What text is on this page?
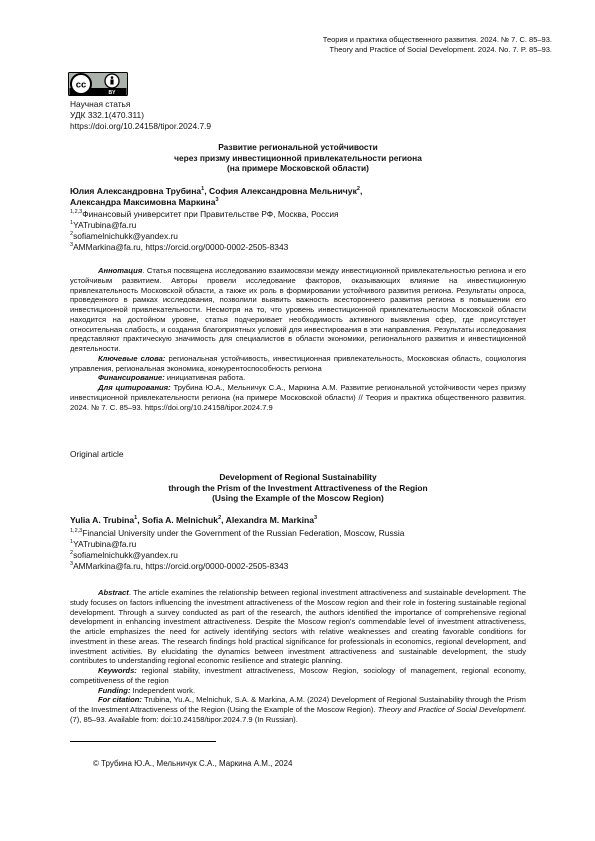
Теория и практика общественного развития. 2024. № 7. С. 85–93.
Theory and Practice of Social Development. 2024. No. 7. P. 85–93.
cc
BY
Научная статья
УДК 332.1(470.311)
https://doi.org/10.24158/tipor.2024.7.9
Развитие региональной устойчивости
через призму инвестиционной привлекательности региона
(на примере Московской области)
Юлия Александровна Трубина$^1$, София Александровна Мельничук$^2$,
Александра Максимовна Маркина$^3$
$^{1,2,3}$Финансовый университет при Правительстве РФ, Москва, Россия
$^1$YATrubina@fa.ru
$^2$sofiamelnichukk@yandex.ru
$^3$AMMarkina@fa.ru, https://orcid.org/0000-0002-2505-8343

Аннотация. Статья посвящена исследованию взаимосвязи между инвестиционной привлекательностью региона и его устойчивым развитием. Авторы провели исследование факторов, оказывающих влияние на инвестиционную привлекательность Московской области, а также их роль в формировании устойчивого развития региона. Результаты опроса, проведенного в рамках исследования, позволили выявить важность всестороннего развития региона в повышении его инвестиционной привлекательности. Несмотря на то, что уровень инвестиционной привлекательности Московской области находится на достойном уровне, статья подчеркивает необходимость активного выявления сфер, где присутствует относительная слабость, и создания благоприятных условий для инвестирования в эти направления. Результаты исследования представляют практическую значимость для специалистов в области экономики, регионального развития и инвестиционной деятельности.

Ключевые слова: региональная устойчивость, инвестиционная привлекательность, Московская область, социология управления, региональная экономика, конкурентоспособность региона

Финансирование: инициативная работа.

Для цитирования: Трубина Ю.А., Мельничук С.А., Маркина А.М. Развитие региональной устойчивости через призму инвестиционной привлекательности региона (на примере Московской области) // Теория и практика общественного развития. 2024. № 7. С. 85–93. https://doi.org/10.24158/tipor.2024.7.9

Original article
Development of Regional Sustainability
through the Prism of the Investment Attractiveness of the Region
(Using the Example of the Moscow Region)
Yulia A. Trubina$^1$, Sofia A. Melnichuk$^2$, Alexandra M. Markina$^3$
$^{1,2,3}$Financial University under the Government of the Russian Federation, Moscow, Russia
$^1$YATrubina@fa.ru
$^2$sofiamelnichukk@yandex.ru
$^3$AMMarkina@fa.ru, https://orcid.org/0000-0002-2505-8343

Abstract. The article examines the relationship between regional investment attractiveness and sustainable development. The study focuses on factors influencing the investment attractiveness of the Moscow region and their role in fostering sustainable regional development. Through a survey conducted as part of the research, the authors identified the importance of comprehensive regional development in enhancing investment attractiveness. Despite the Moscow region's commendable level of investment attractiveness, the article emphasizes the need for actively identifying sectors with relative weaknesses and creating favorable conditions for investment in these areas. The research findings hold practical significance for professionals in economics, regional development, and investment activities. By elucidating the dynamics between investment attractiveness and sustainable development, the study contributes to understanding regional economic resilience and strategic planning.

Keywords: regional stability, investment attractiveness, Moscow Region, sociology of management, regional economy, competitiveness of the region

Funding: Independent work.

For citation: Trubina, Yu.A., Melnichuk, S.A. & Markina, A.M. (2024) Development of Regional Sustainability through the Prism of the Investment Attractiveness of the Region (Using the Example of the Moscow Region). Theory and Practice of Social Development. (7), 85–93. Available from: doi:10.24158/tipor.2024.7.9 (In Russian).

© Трубина Ю.А., Мельничук С.А., Маркина А.М., 2024
